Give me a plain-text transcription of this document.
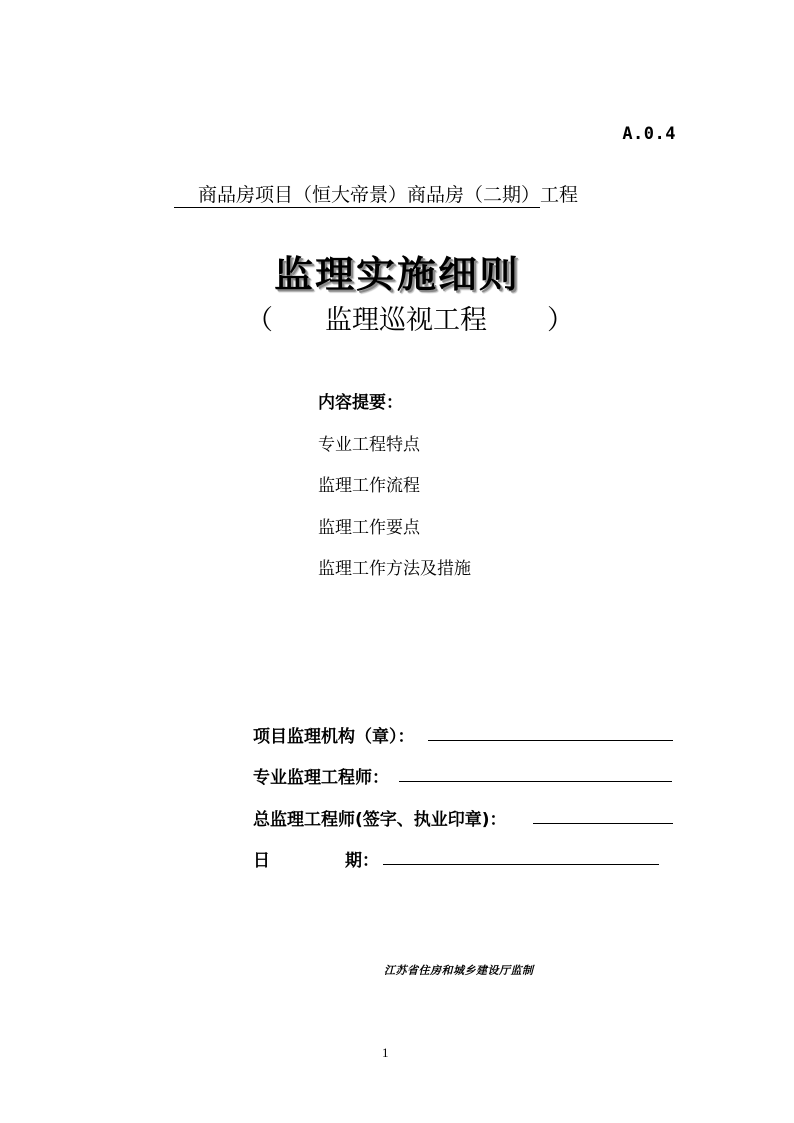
A.0.4
商品房项目（恒大帝景）商品房（二期）工程
监理实施细则
（ 监理巡视工程 ）
内容提要：
专业工程特点
监理工作流程
监理工作要点
监理工作方法及措施
项目监理机构（章）：
专业监理工程师：
总监理工程师(签字、执业印章)：
日	期：
江苏省住房和城乡建设厅监制
1
